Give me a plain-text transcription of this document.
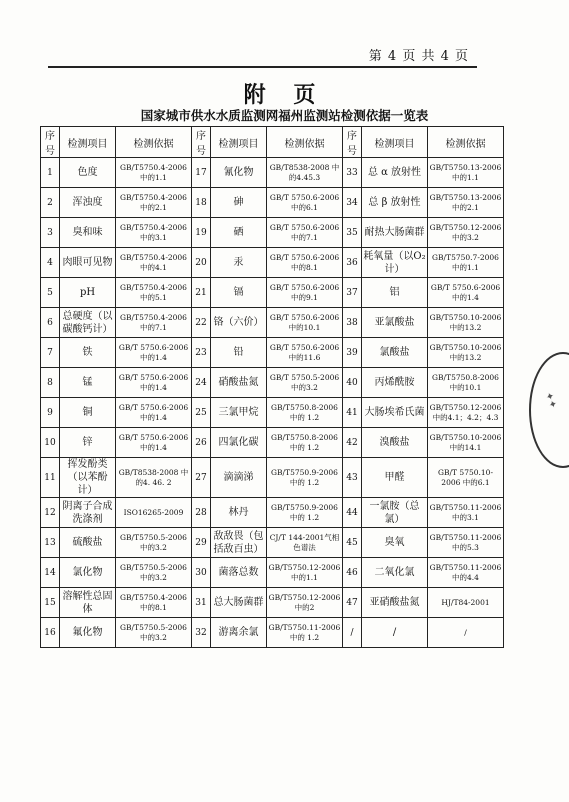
第 4 页 共 4 页
附 页
国家城市供水水质监测网福州监测站检测依据一览表
序号	检测项目	检测依据	序号	检测项目	检测依据	序号	检测项目	检测依据
1	色度	GB/T5750.4-2006 中的1.1	17	氰化物	GB/T8538-2008 中的4.45.3	33	总 α 放射性	GB/T5750.13-2006 中的1.1
2	浑浊度	GB/T5750.4-2006 中的2.1	18	砷	GB/T 5750.6-2006中的6.1	34	总 β 放射性	GB/T5750.13-2006 中的2.1
3	臭和味	GB/T5750.4-2006 中的3.1	19	硒	GB/T 5750.6-2006中的7.1	35	耐热大肠菌群	GB/T5750.12-2006 中的3.2
4	肉眼可见物	GB/T5750.4-2006 中的4.1	20	汞	GB/T 5750.6-2006中的8.1	36	耗氧量（以O₂计）	GB/T5750.7-2006 中的1.1
5	pH	GB/T5750.4-2006 中的5.1	21	镉	GB/T 5750.6-2006中的9.1	37	铝	GB/T 5750.6-2006 中的1.4
6	总硬度（以碳酸钙计）	GB/T5750.4-2006 中的7.1	22	铬（六价）	GB/T 5750.6-2006中的10.1	38	亚氯酸盐	GB/T5750.10-2006 中的13.2
7	铁	GB/T 5750.6-2006 中的1.4	23	铅	GB/T 5750.6-2006中的11.6	39	氯酸盐	GB/T5750.10-2006 中的13.2
8	锰	GB/T 5750.6-2006 中的1.4	24	硝酸盐氮	GB/T 5750.5-2006 中的3.2	40	丙烯酰胺	GB/T5750.8-2006 中的10.1
9	铜	GB/T 5750.6-2006 中的1.4	25	三氯甲烷	GB/T5750.8-2006中的 1.2	41	大肠埃希氏菌	GB/T5750.12-2006 中的4.1；4.2；4.3
10	锌	GB/T 5750.6-2006 中的1.4	26	四氯化碳	GB/T5750.8-2006中的 1.2	42	溴酸盐	GB/T5750.10-2006 中的14.1
11	挥发酚类（以苯酚计）	GB/T8538-2008 中的4. 46. 2	27	滴滴涕	GB/T5750.9-2006中的 1.2	43	甲醛	GB/T 5750.10-2006 中的6.1
12	阴离子合成洗涤剂	ISO16265-2009	28	林丹	GB/T5750.9-2006中的 1.2	44	一氯胺（总氯）	GB/T5750.11-2006 中的3.1
13	硫酸盐	GB/T5750.5-2006 中的3.2	29	敌敌畏（包括敌百虫）	CJ/T 144-2001气相色谱法	45	臭氧	GB/T5750.11-2006 中的5.3
14	氯化物	GB/T5750.5-2006 中的3.2	30	菌落总数	GB/T5750.12-2006中的1.1	46	二氧化氯	GB/T5750.11-2006 中的4.4
15	溶解性总固体	GB/T5750.4-2006 中的8.1	31	总大肠菌群	GB/T5750.12-2006中的2	47	亚硝酸盐氮	HJ/T84-2001
16	氟化物	GB/T5750.5-2006 中的3.2	32	游离余氯	GB/T5750.11-2006中的 1.2	/	/	/
✦✦
